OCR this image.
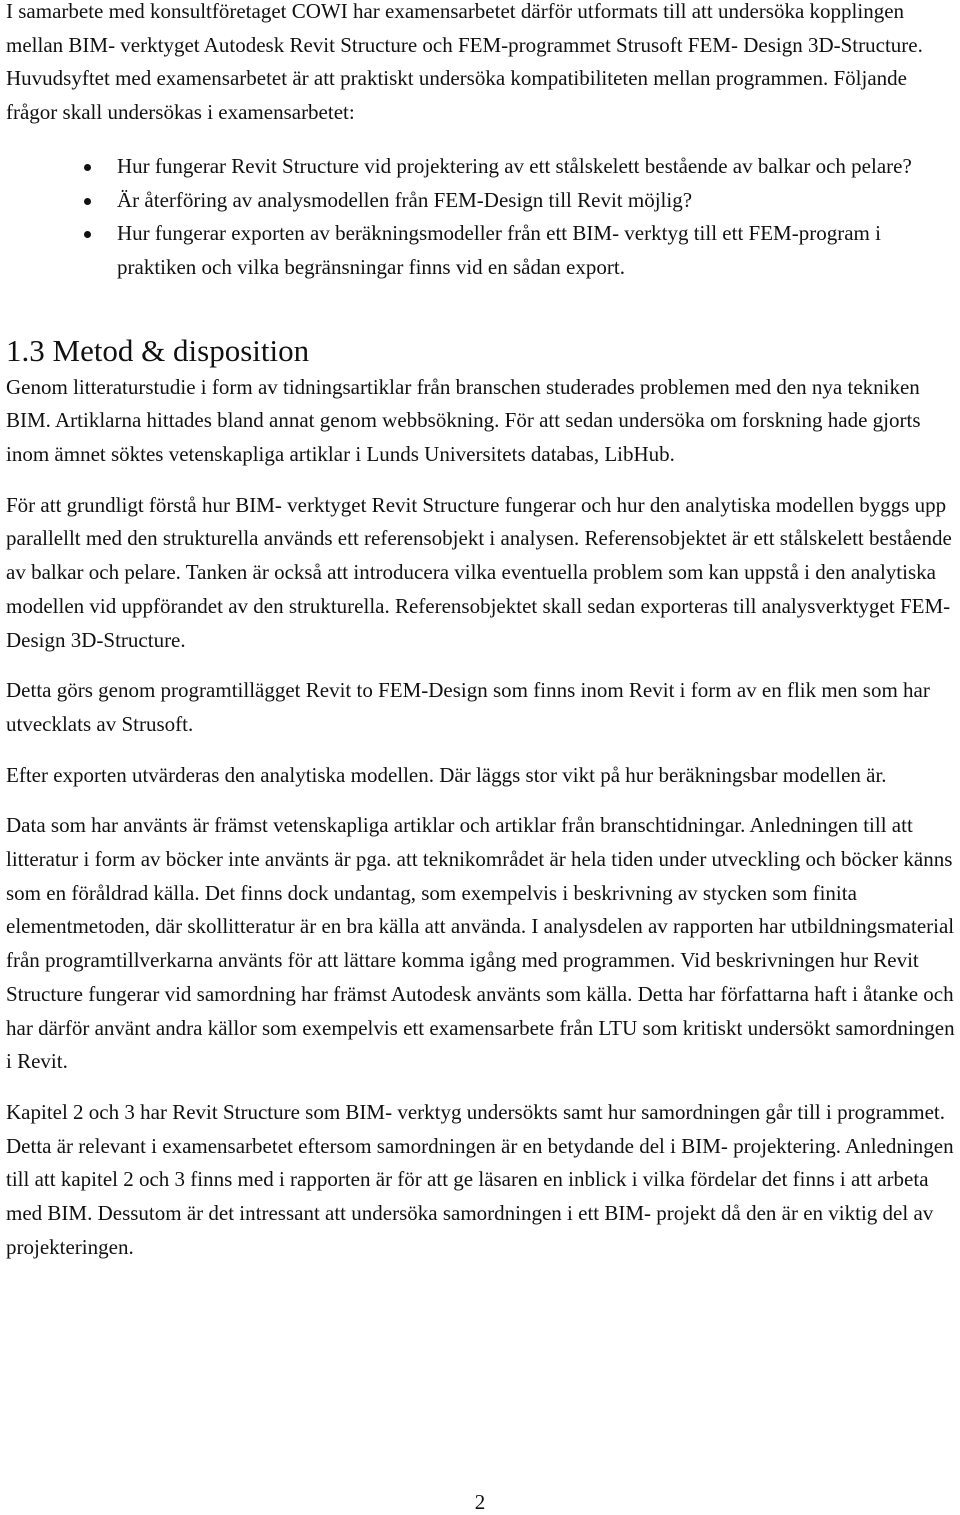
I samarbete med konsultföretaget COWI har examensarbetet därför utformats till att undersöka kopplingen mellan BIM- verktyget Autodesk Revit Structure och FEM-programmet Strusoft FEM- Design 3D-Structure. Huvudsyftet med examensarbetet är att praktiskt undersöka kompatibiliteten mellan programmen. Följande frågor skall undersökas i examensarbetet:

Hur fungerar Revit Structure vid projektering av ett stålskelett bestående av balkar och pelare?
Är återföring av analysmodellen från FEM-Design till Revit möjlig?
Hur fungerar exporten av beräkningsmodeller från ett BIM- verktyg till ett FEM-program i praktiken och vilka begränsningar finns vid en sådan export.
1.3 Metod & disposition

Genom litteraturstudie i form av tidningsartiklar från branschen studerades problemen med den nya tekniken BIM. Artiklarna hittades bland annat genom webbsökning. För att sedan undersöka om forskning hade gjorts inom ämnet söktes vetenskapliga artiklar i Lunds Universitets databas, LibHub.

För att grundligt förstå hur BIM- verktyget Revit Structure fungerar och hur den analytiska modellen byggs upp parallellt med den strukturella används ett referensobjekt i analysen. Referensobjektet är ett stålskelett bestående av balkar och pelare. Tanken är också att introducera vilka eventuella problem som kan uppstå i den analytiska modellen vid uppförandet av den strukturella. Referensobjektet skall sedan exporteras till analysverktyget FEM-Design 3D-Structure.

Detta görs genom programtillägget Revit to FEM-Design som finns inom Revit i form av en flik men som har utvecklats av Strusoft.

Efter exporten utvärderas den analytiska modellen. Där läggs stor vikt på hur beräkningsbar modellen är.

Data som har använts är främst vetenskapliga artiklar och artiklar från branschtidningar. Anledningen till att litteratur i form av böcker inte använts är pga. att teknikområdet är hela tiden under utveckling och böcker känns som en föråldrad källa. Det finns dock undantag, som exempelvis i beskrivning av stycken som finita elementmetoden, där skollitteratur är en bra källa att använda. I analysdelen av rapporten har utbildningsmaterial från programtillverkarna använts för att lättare komma igång med programmen. Vid beskrivningen hur Revit Structure fungerar vid samordning har främst Autodesk använts som källa. Detta har författarna haft i åtanke och har därför använt andra källor som exempelvis ett examensarbete från LTU som kritiskt undersökt samordningen i Revit.

Kapitel 2 och 3 har Revit Structure som BIM- verktyg undersökts samt hur samordningen går till i programmet. Detta är relevant i examensarbetet eftersom samordningen är en betydande del i BIM- projektering. Anledningen till att kapitel 2 och 3 finns med i rapporten är för att ge läsaren en inblick i vilka fördelar det finns i att arbeta med BIM. Dessutom är det intressant att undersöka samordningen i ett BIM- projekt då den är en viktig del av projekteringen.

2
